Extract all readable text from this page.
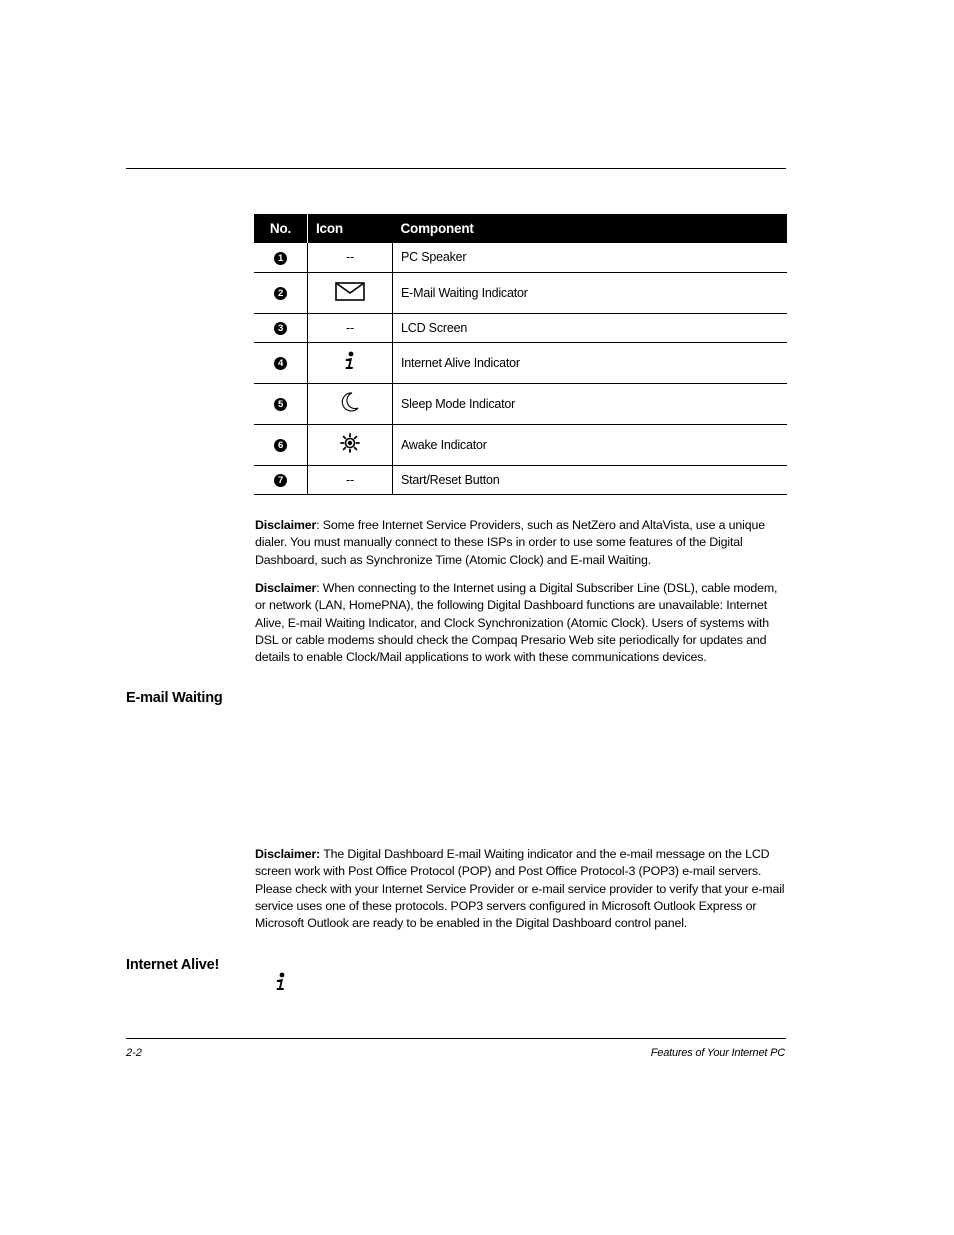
No.	Icon	Component
1	--	PC Speaker
2		E-Mail Waiting Indicator
3	--	LCD Screen
4		Internet Alive Indicator
5		Sleep Mode Indicator
6		Awake Indicator
7	--	Start/Reset Button
Disclaimer: Some free Internet Service Providers, such as NetZero and AltaVista, use a unique dialer. You must manually connect to these ISPs in order to use some features of the Digital Dashboard, such as Synchronize Time (Atomic Clock) and E-mail Waiting.
Disclaimer: When connecting to the Internet using a Digital Subscriber Line (DSL), cable modem, or network (LAN, HomePNA), the following Digital Dashboard functions are unavailable: Internet Alive, E-mail Waiting Indicator, and Clock Synchronization (Atomic Clock). Users of systems with DSL or cable modems should check the Compaq Presario Web site periodically for updates and details to enable Clock/Mail applications to work with these communications devices.
E-mail Waiting
Disclaimer: The Digital Dashboard E-mail Waiting indicator and the e-mail message on the LCD screen work with Post Office Protocol (POP) and Post Office Protocol-3 (POP3) e-mail servers. Please check with your Internet Service Provider or e-mail service provider to verify that your e-mail service uses one of these protocols. POP3 servers configured in Microsoft Outlook Express or Microsoft Outlook are ready to be enabled in the Digital Dashboard control panel.
Internet Alive!
2-2	Features of Your Internet PC
